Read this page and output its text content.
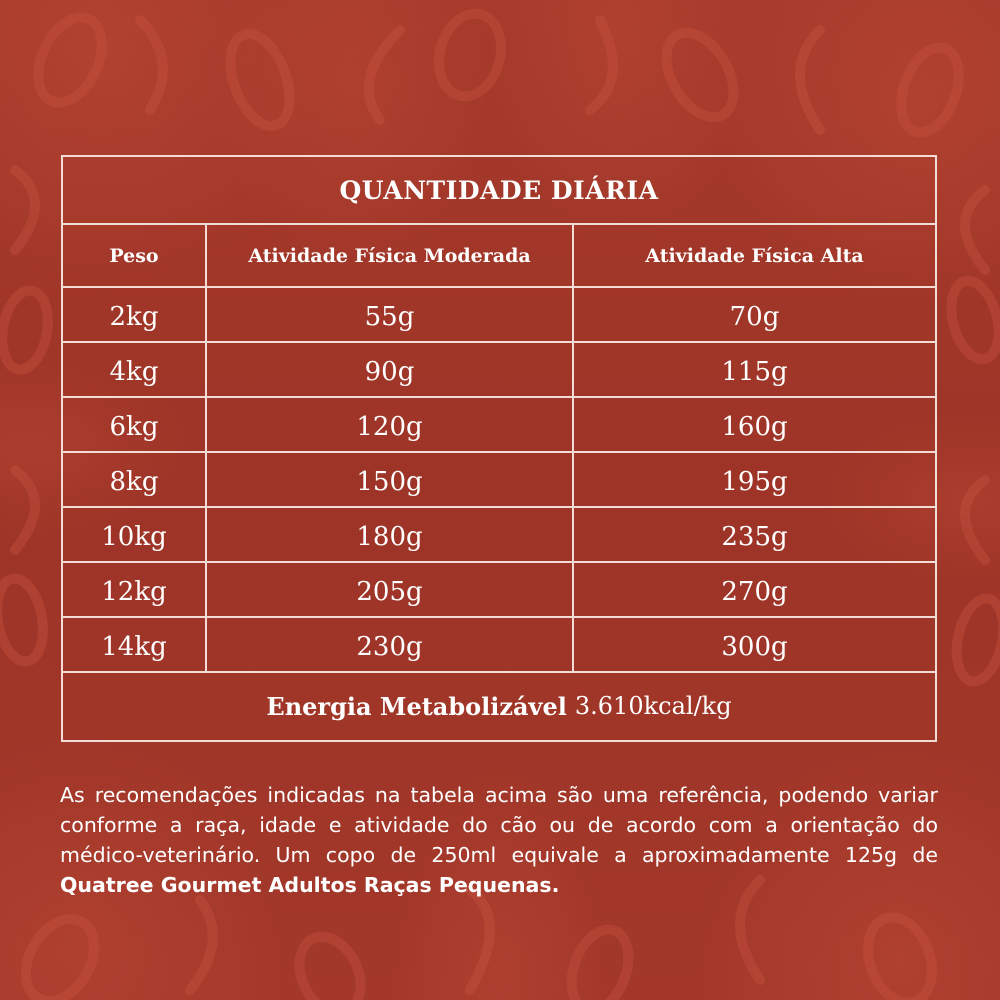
QUANTIDADE DIÁRIA
Peso	Atividade Física Moderada	Atividade Física Alta
2kg	55g	70g
4kg	90g	115g
6kg	120g	160g
8kg	150g	195g
10kg	180g	235g
12kg	205g	270g
14kg	230g	300g
Energia Metabolizável 3.610kcal/kg
As recomendações indicadas na tabela acima são uma referência, podendo variar conforme a raça, idade e atividade do cão ou de acordo com a orientação do médico-veterinário. Um copo de 250ml equivale a aproximadamente 125g de Quatree Gourmet Adultos Raças Pequenas.
